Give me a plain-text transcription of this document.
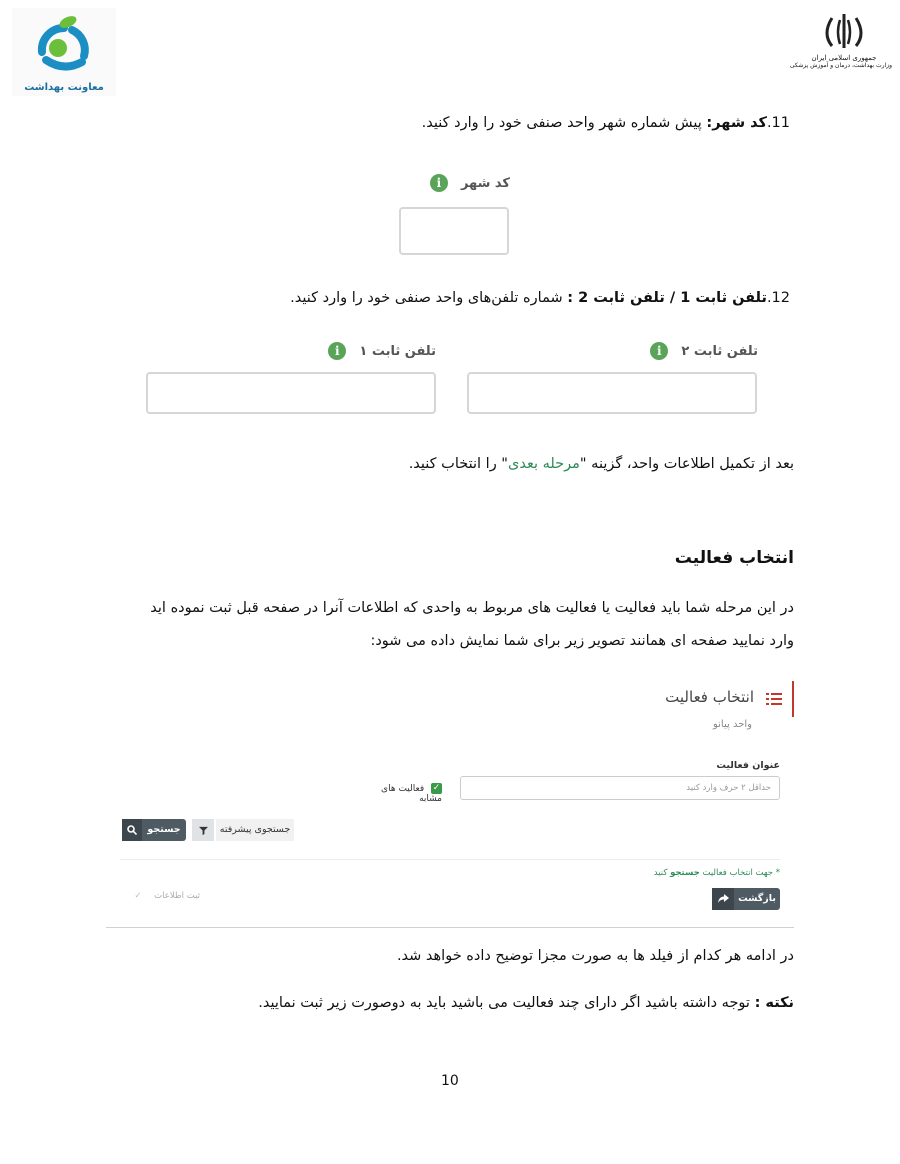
معاونت بهداشت
جمهوری اسلامی ایران
وزارت بهداشت، درمان و آموزش پزشکی
11.کد شهر: پیش شماره شهر واحد صنفی خود را وارد کنید.
کد شهر i
12.تلفن ثابت 1 / تلفن ثابت 2 : شماره تلفن‌های واحد صنفی خود را وارد کنید.
تلفن ثابت ۲ i
تلفن ثابت ۱ i
بعد از تکمیل اطلاعات واحد، گزینه "مرحله بعدی" را انتخاب کنید.
انتخاب فعالیت
در این مرحله شما باید فعالیت یا فعالیت های مربوط به واحدی که اطلاعات آنرا در صفحه قبل ثبت نموده اید
وارد نمایید صفحه ای همانند تصویر زیر برای شما نمایش داده می شود:
انتخاب فعالیت
واحد پیانو
عنوان فعالیت
حداقل ۲ حرف وارد کنید
✓ فعالیت های مشابه
جستجوی پیشرفته
جستجو
* جهت انتخاب فعالیت جستجو کنید
بازگشت
ثبت اطلاعات ✓
در ادامه هر کدام از فیلد ها به صورت مجزا توضیح داده خواهد شد.
نکته : توجه داشته باشید اگر دارای چند فعالیت می باشید باید به دوصورت زیر ثبت نمایید.
10
